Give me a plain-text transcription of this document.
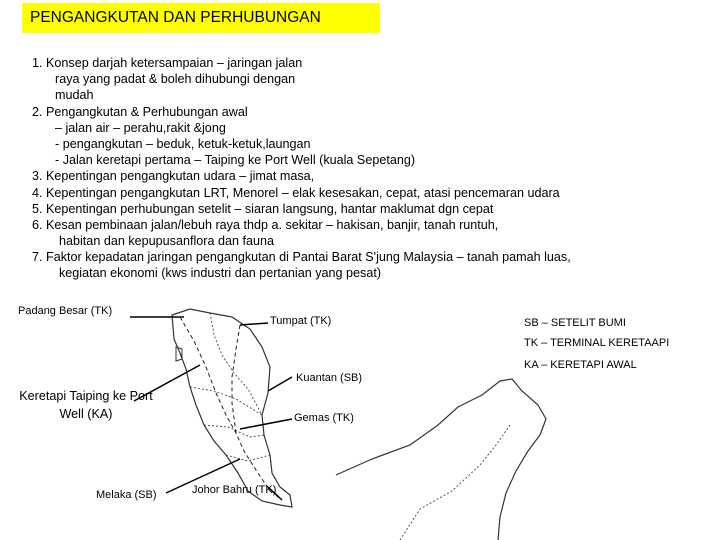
PENGANGKUTAN DAN PERHUBUNGAN
1. Konsep darjah ketersampaian – jaringan jalan
raya yang padat & boleh dihubungi dengan
mudah
2. Pengangkutan & Perhubungan awal
– jalan air – perahu,rakit &jong
- pengangkutan – beduk, ketuk-ketuk,laungan
- Jalan keretapi pertama – Taiping ke Port Well (kuala Sepetang)
3. Kepentingan pengangkutan udara – jimat masa,
4. Kepentingan pengangkutan LRT, Menorel – elak kesesakan, cepat, atasi pencemaran udara
5. Kepentingan perhubungan setelit – siaran langsung, hantar maklumat dgn cepat
6. Kesan pembinaan jalan/lebuh raya thdp a. sekitar – hakisan, banjir, tanah runtuh,
habitan dan kepupusanflora dan fauna
7. Faktor kepadatan jaringan pengangkutan di Pantai Barat S'jung Malaysia – tanah pamah luas,
kegiatan ekonomi (kws industri dan pertanian yang pesat)
Padang Besar (TK)
Tumpat (TK)
Kuantan (SB)
Gemas (TK)
Keretapi Taiping ke Port Well (KA)
Melaka (SB)	Johor Bahru (TK)
SB – SETELIT BUMI
TK – TERMINAL KERETAAPI
KA – KERETAPI AWAL
